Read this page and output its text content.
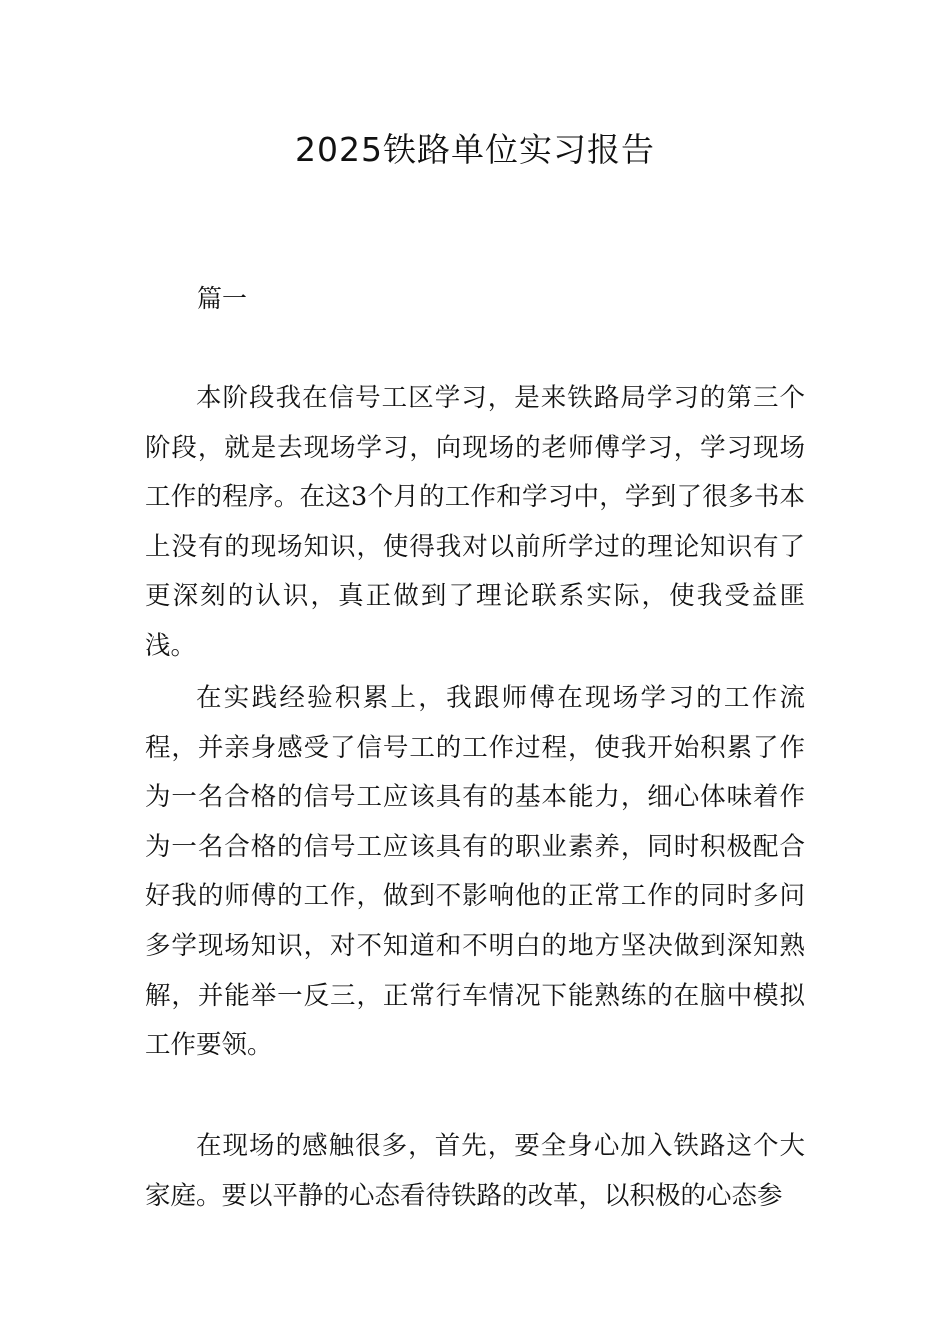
2025铁路单位实习报告
篇一

本阶段我在信号工区学习，是来铁路局学习的第三个阶段，就是去现场学习，向现场的老师傅学习，学习现场工作的程序。在这3个月的工作和学习中，学到了很多书本上没有的现场知识，使得我对以前所学过的理论知识有了更深刻的认识，真正做到了理论联系实际，使我受益匪浅。

在实践经验积累上，我跟师傅在现场学习的工作流程，并亲身感受了信号工的工作过程，使我开始积累了作为一名合格的信号工应该具有的基本能力，细心体味着作为一名合格的信号工应该具有的职业素养，同时积极配合好我的师傅的工作，做到不影响他的正常工作的同时多问多学现场知识，对不知道和不明白的地方坚决做到深知熟解，并能举一反三，正常行车情况下能熟练的在脑中模拟工作要领。

在现场的感触很多，首先，要全身心加入铁路这个大家庭。要以平静的心态看待铁路的改革，以积极的心态参
